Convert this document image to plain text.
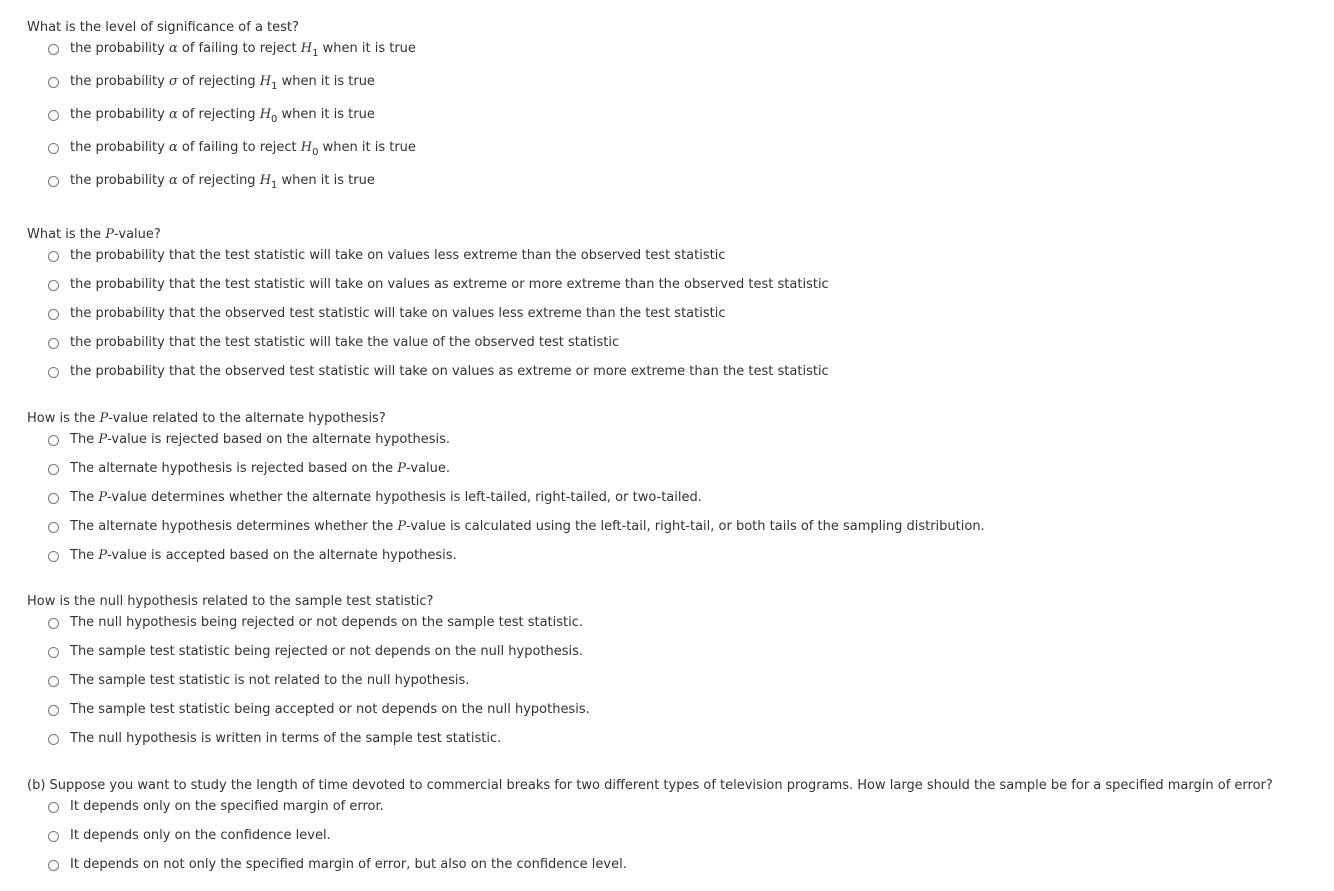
What is the level of significance of a test?
the probability α of failing to reject $H_1$ when it is true
the probability σ of rejecting $H_1$ when it is true
the probability α of rejecting $H_0$ when it is true
the probability α of failing to reject $H_0$ when it is true
the probability α of rejecting $H_1$ when it is true
What is the P-value?
the probability that the test statistic will take on values less extreme than the observed test statistic
the probability that the test statistic will take on values as extreme or more extreme than the observed test statistic
the probability that the observed test statistic will take on values less extreme than the test statistic
the probability that the test statistic will take the value of the observed test statistic
the probability that the observed test statistic will take on values as extreme or more extreme than the test statistic
How is the P-value related to the alternate hypothesis?
The P-value is rejected based on the alternate hypothesis.
The alternate hypothesis is rejected based on the P-value.
The P-value determines whether the alternate hypothesis is left-tailed, right-tailed, or two-tailed.
The alternate hypothesis determines whether the P-value is calculated using the left-tail, right-tail, or both tails of the sampling distribution.
The P-value is accepted based on the alternate hypothesis.
How is the null hypothesis related to the sample test statistic?
The null hypothesis being rejected or not depends on the sample test statistic.
The sample test statistic being rejected or not depends on the null hypothesis.
The sample test statistic is not related to the null hypothesis.
The sample test statistic being accepted or not depends on the null hypothesis.
The null hypothesis is written in terms of the sample test statistic.
(b) Suppose you want to study the length of time devoted to commercial breaks for two different types of television programs. How large should the sample be for a specified margin of error?
It depends only on the specified margin of error.
It depends only on the confidence level.
It depends on not only the specified margin of error, but also on the confidence level.
